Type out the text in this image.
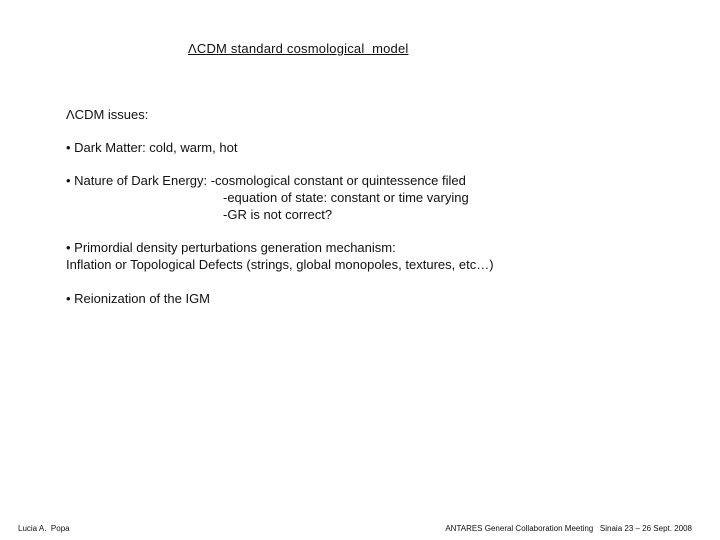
ΛCDM standard cosmological  model
ΛCDM issues:
• Dark Matter: cold, warm, hot
• Nature of Dark Energy: -cosmological constant or quintessence filed
-equation of state: constant or time varying
-GR is not correct?
• Primordial density perturbations generation mechanism:
Inflation or Topological Defects (strings, global monopoles, textures, etc…)
• Reionization of the IGM
Lucia A.  Popa	ANTARES General Collaboration Meeting   Sinaia 23 – 26 Sept. 2008
